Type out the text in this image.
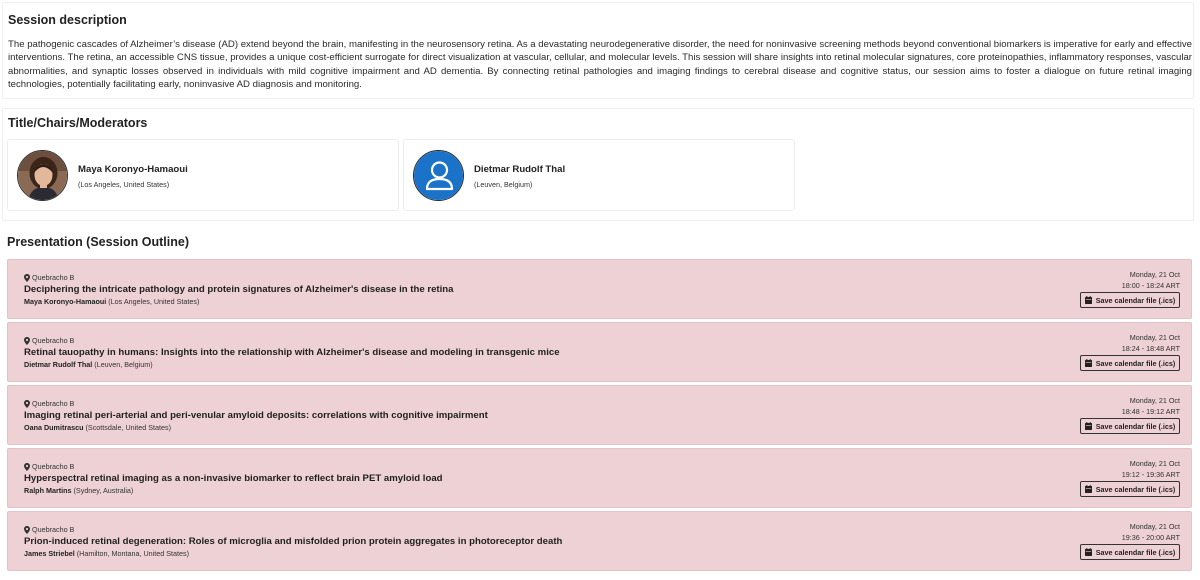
Session description

The pathogenic cascades of Alzheimer’s disease (AD) extend beyond the brain, manifesting in the neurosensory retina. As a devastating neurodegenerative disorder, the need for noninvasive screening methods beyond conventional biomarkers is imperative for early and effective interventions. The retina, an accessible CNS tissue, provides a unique cost-efficient surrogate for direct visualization at vascular, cellular, and molecular levels. This session will share insights into retinal molecular signatures, core proteinopathies, inflammatory responses, vascular abnormalities, and synaptic losses observed in individuals with mild cognitive impairment and AD dementia. By connecting retinal pathologies and imaging findings to cerebral disease and cognitive status, our session aims to foster a dialogue on future retinal imaging technologies, potentially facilitating early, noninvasive AD diagnosis and monitoring.

Title/Chairs/Moderators
Maya Koronyo-Hamaoui
(Los Angeles, United States)
Dietmar Rudolf Thal
(Leuven, Belgium)
Presentation (Session Outline)
Quebracho B
Deciphering the intricate pathology and protein signatures of Alzheimer's disease in the retina
Maya Koronyo-Hamaoui (Los Angeles, United States)
Monday, 21 Oct
18:00 - 18:24 ART
Save calendar file (.ics)
Quebracho B
Retinal tauopathy in humans: Insights into the relationship with Alzheimer's disease and modeling in transgenic mice
Dietmar Rudolf Thal (Leuven, Belgium)
Monday, 21 Oct
18:24 - 18:48 ART
Save calendar file (.ics)
Quebracho B
Imaging retinal peri-arterial and peri-venular amyloid deposits: correlations with cognitive impairment
Oana Dumitrascu (Scottsdale, United States)
Monday, 21 Oct
18:48 - 19:12 ART
Save calendar file (.ics)
Quebracho B
Hyperspectral retinal imaging as a non-invasive biomarker to reflect brain PET amyloid load
Ralph Martins (Sydney, Australia)
Monday, 21 Oct
19:12 - 19:36 ART
Save calendar file (.ics)
Quebracho B
Prion-induced retinal degeneration: Roles of microglia and misfolded prion protein aggregates in photoreceptor death
James Striebel (Hamilton, Montana, United States)
Monday, 21 Oct
19:36 - 20:00 ART
Save calendar file (.ics)
